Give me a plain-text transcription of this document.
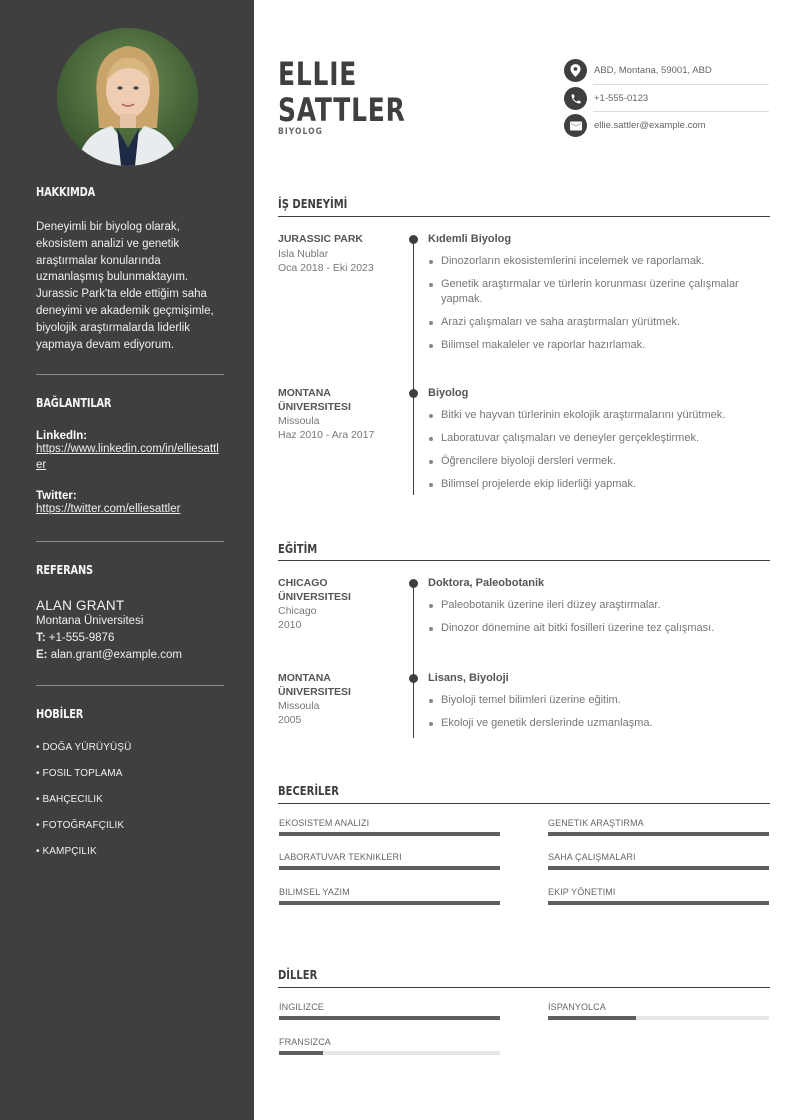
HAKKIMDA
Deneyimli bir biyolog olarak, ekosistem analizi ve genetik araştırmalar konularında uzmanlaşmış bulunmaktayım. Jurassic Park'ta elde ettiğim saha deneyimi ve akademik geçmişimle, biyolojik araştırmalarda liderlik yapmaya devam ediyorum.
BAĞLANTILAR
LinkedIn:
https://www.linkedin.com/in/elliesattler
Twitter:
https://twitter.com/elliesattler
REFERANS
ALAN GRANT
Montana Üniversitesi
T: +1-555-9876
E: alan.grant@example.com
HOBİLER
• DOĞA YÜRÜYÜŞÜ
• FOSIL TOPLAMA
• BAHÇECILIK
• FOTOĞRAFÇILIK
• KAMPÇILIK
ELLIE
SATTLER
BIYOLOG
ABD, Montana, 59001, ABD
+1-555-0123
ellie.sattler@example.com
İŞ DENEYİMİ
JURASSIC PARK
Isla Nublar
Oca 2018 - Eki 2023
Kıdemli Biyolog
Dinozorların ekosistemlerini incelemek ve raporlamak.
Genetik araştırmalar ve türlerin korunması üzerine çalışmalar yapmak.
Arazi çalışmaları ve saha araştırmaları yürütmek.
Bilimsel makaleler ve raporlar hazırlamak.
MONTANA ÜNIVERSITESI
Missoula
Haz 2010 - Ara 2017
Biyolog
Bitki ve hayvan türlerinin ekolojik araştırmalarını yürütmek.
Laboratuvar çalışmaları ve deneyler gerçekleştirmek.
Öğrencilere biyoloji dersleri vermek.
Bilimsel projelerde ekip liderliği yapmak.
EĞİTİM
CHICAGO ÜNIVERSITESI
Chicago
2010
Doktora, Paleobotanik
Paleobotanik üzerine ileri düzey araştırmalar.
Dinozor dönemine ait bitki fosilleri üzerine tez çalışması.
MONTANA ÜNIVERSITESI
Missoula
2005
Lisans, Biyoloji
Biyoloji temel bilimleri üzerine eğitim.
Ekoloji ve genetik derslerinde uzmanlaşma.
BECERİLER
EKOSISTEM ANALIZI	GENETIK ARAŞTIRMA
LABORATUVAR TEKNIKLERI	SAHA ÇALIŞMALARI
BILIMSEL YAZIM	EKIP YÖNETIMI
DİLLER
İNGILIZCE	İSPANYOLCA
FRANSIZCA
